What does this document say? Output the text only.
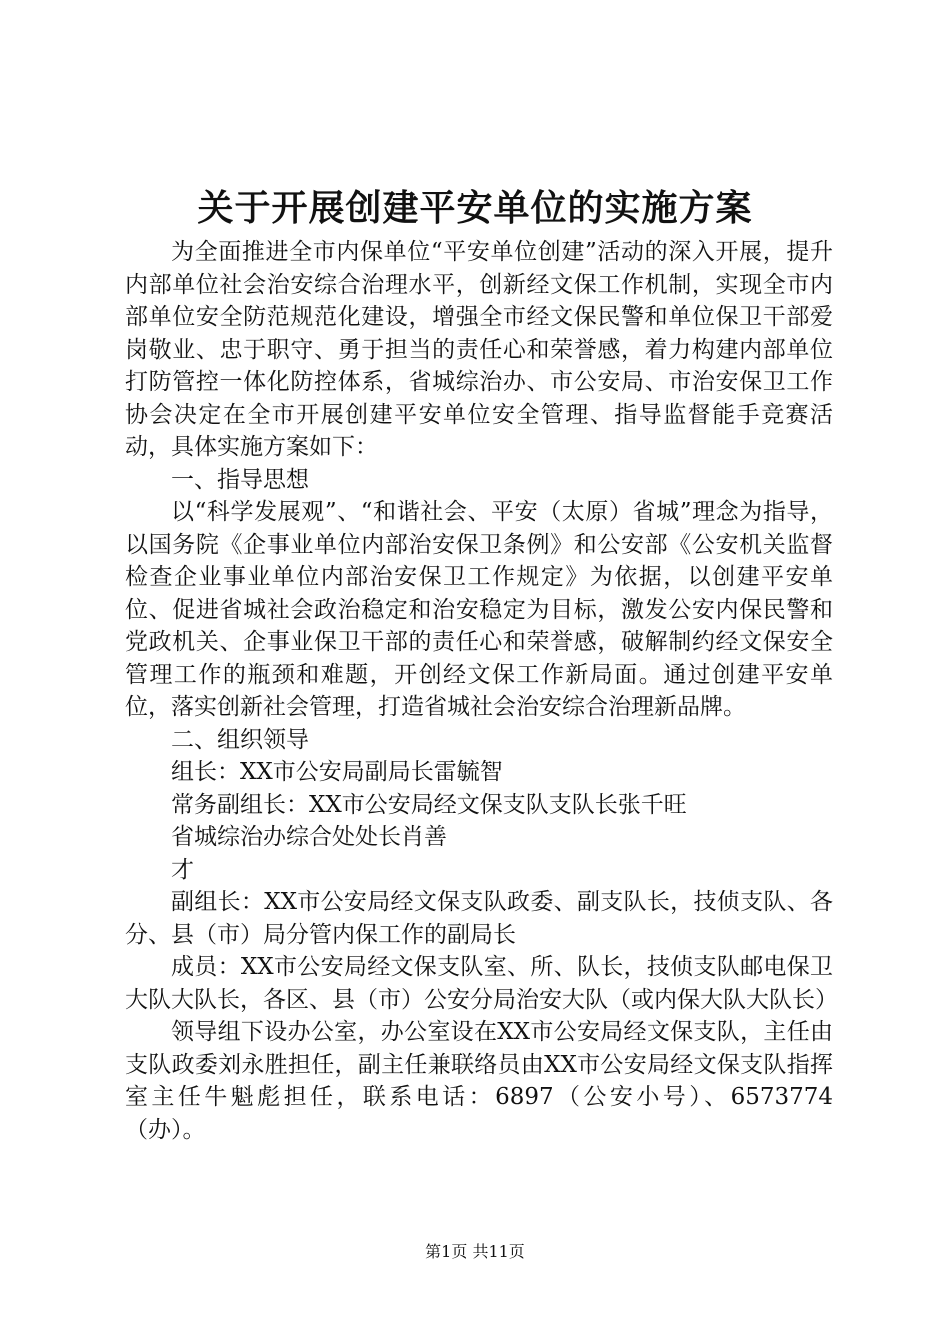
关于开展创建平安单位的实施方案

为全面推进全市内保单位“平安单位创建”活动的深入开展，提升内部单位社会治安综合治理水平，创新经文保工作机制，实现全市内部单位安全防范规范化建设，增强全市经文保民警和单位保卫干部爱岗敬业、忠于职守、勇于担当的责任心和荣誉感，着力构建内部单位打防管控一体化防控体系，省城综治办、市公安局、市治安保卫工作协会决定在全市开展创建平安单位安全管理、指导监督能手竞赛活动，具体实施方案如下：

一、指导思想

以“科学发展观”、“和谐社会、平安（太原）省城”理念为指导，以国务院《企事业单位内部治安保卫条例》和公安部《公安机关监督检查企业事业单位内部治安保卫工作规定》为依据，以创建平安单位、促进省城社会政治稳定和治安稳定为目标，激发公安内保民警和党政机关、企事业保卫干部的责任心和荣誉感，破解制约经文保安全管理工作的瓶颈和难题，开创经文保工作新局面。通过创建平安单位，落实创新社会管理，打造省城社会治安综合治理新品牌。

二、组织领导

组长：XX市公安局副局长雷毓智

常务副组长：XX市公安局经文保支队支队长张千旺

省城综治办综合处处长肖善

才

副组长：XX市公安局经文保支队政委、副支队长，技侦支队、各分、县（市）局分管内保工作的副局长

成员：XX市公安局经文保支队室、所、队长，技侦支队邮电保卫大队大队长，各区、县（市）公安分局治安大队（或内保大队大队长）

领导组下设办公室，办公室设在XX市公安局经文保支队，主任由支队政委刘永胜担任，副主任兼联络员由XX市公安局经文保支队指挥室主任牛魁彪担任，联系电话：6897（公安小号）、6573774（办）。

第1页 共11页
